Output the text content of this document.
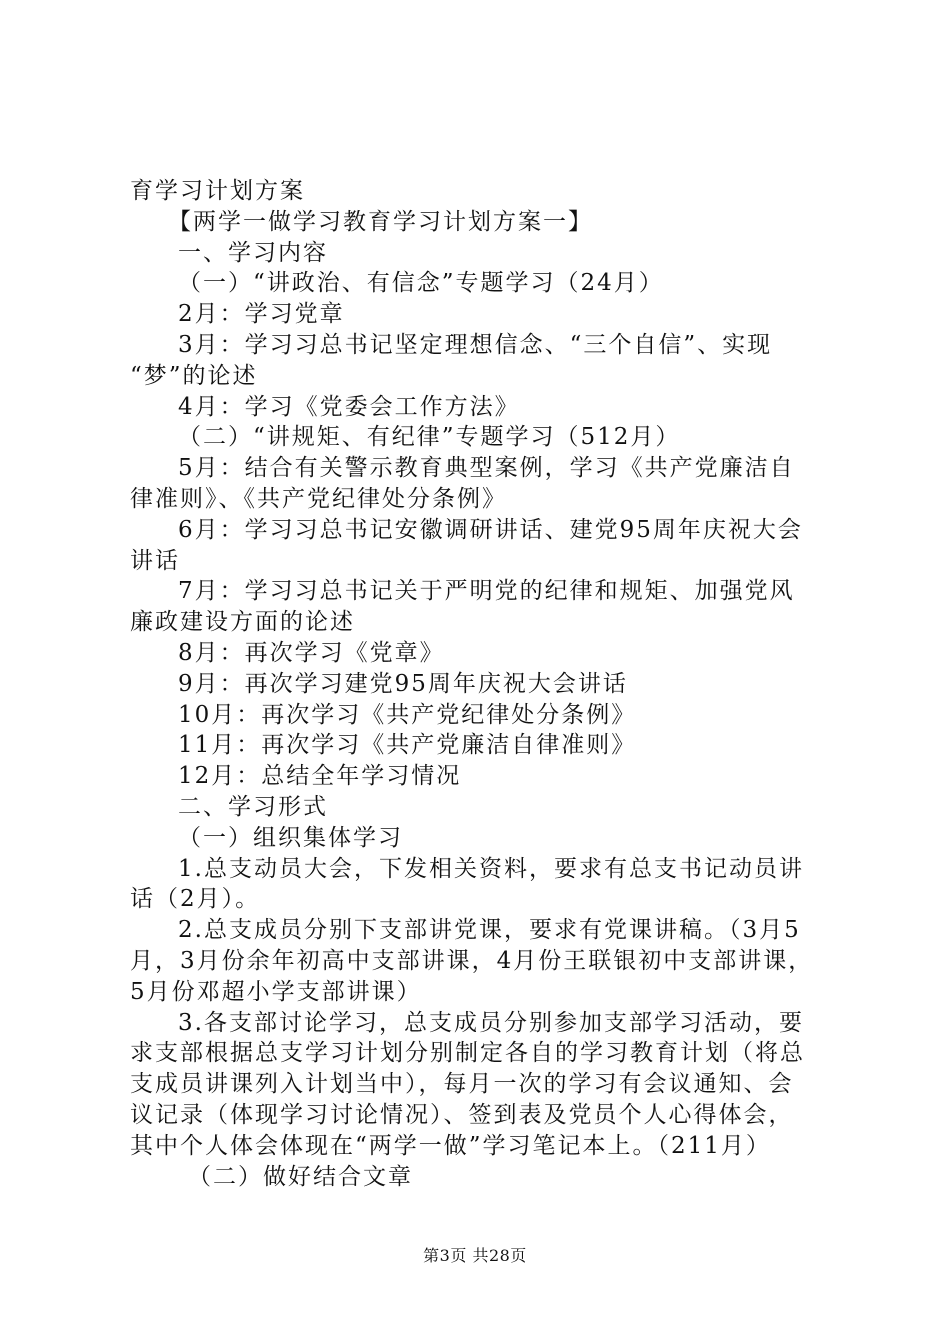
育学习计划方案
【两学一做学习教育学习计划方案一】
一、学习内容
（一）“讲政治、有信念”专题学习（24月）
2月：学习党章
3月：学习习总书记坚定理想信念、“三个自信”、实现
“梦”的论述
4月：学习《党委会工作方法》
（二）“讲规矩、有纪律”专题学习（512月）
5月：结合有关警示教育典型案例，学习《共产党廉洁自
律准则》、《共产党纪律处分条例》
6月：学习习总书记安徽调研讲话、建党95周年庆祝大会
讲话
7月：学习习总书记关于严明党的纪律和规矩、加强党风
廉政建设方面的论述
8月：再次学习《党章》
9月：再次学习建党95周年庆祝大会讲话
10月：再次学习《共产党纪律处分条例》
11月：再次学习《共产党廉洁自律准则》
12月：总结全年学习情况
二、学习形式
（一）组织集体学习
1.总支动员大会，下发相关资料，要求有总支书记动员讲
话（2月）。
2.总支成员分别下支部讲党课，要求有党课讲稿。（3月5
月，3月份余年初高中支部讲课，4月份王联银初中支部讲课，
5月份邓超小学支部讲课）
3.各支部讨论学习，总支成员分别参加支部学习活动，要
求支部根据总支学习计划分别制定各自的学习教育计划（将总
支成员讲课列入计划当中），每月一次的学习有会议通知、会
议记录（体现学习讨论情况）、签到表及党员个人心得体会，
其中个人体会体现在“两学一做”学习笔记本上。（211月）
（二）做好结合文章
第3页 共28页
